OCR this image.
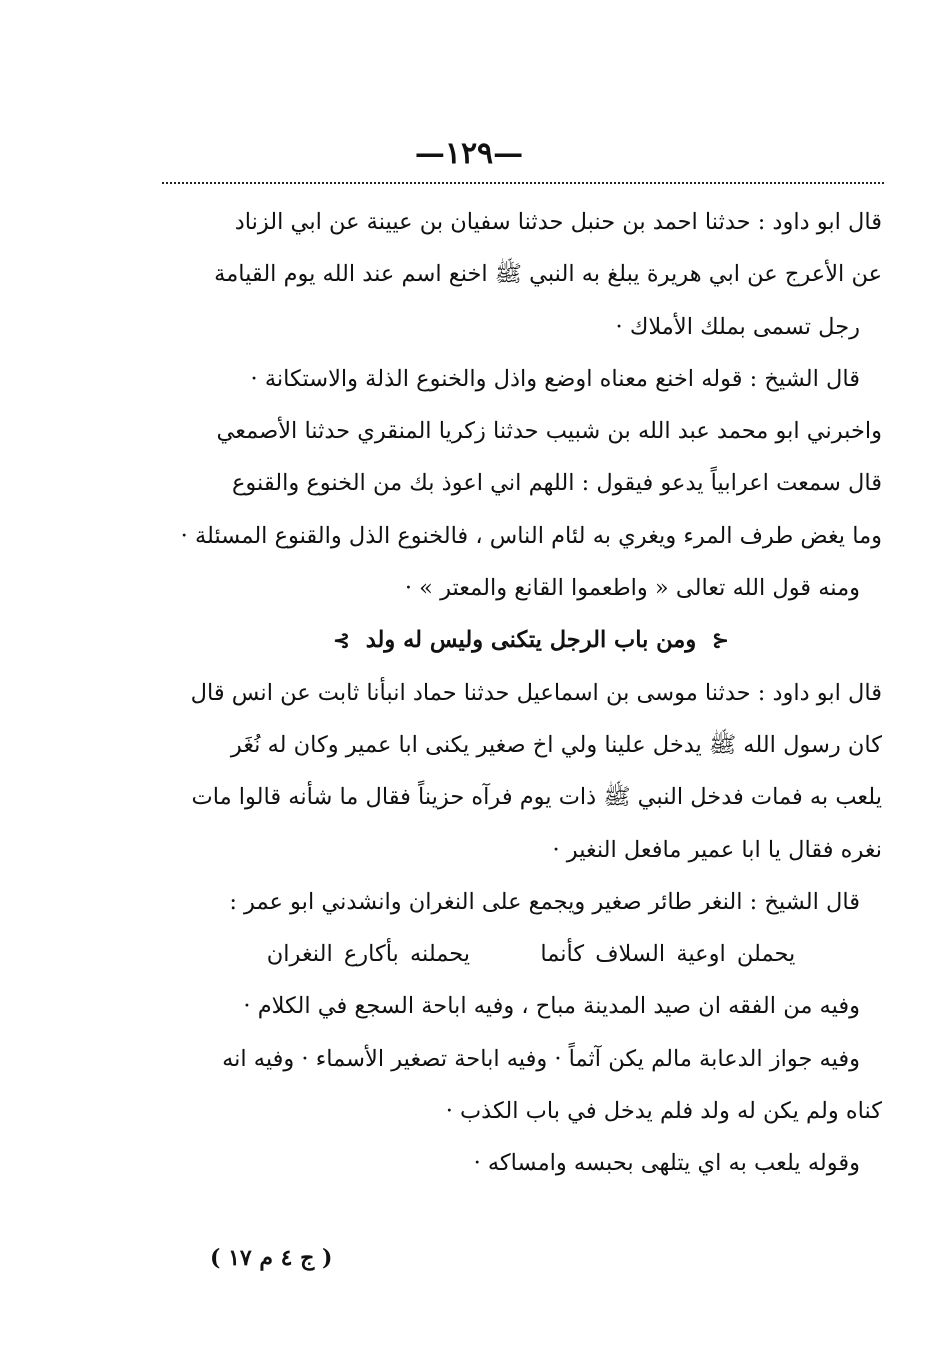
—١٢٩—
قال ابو داود : حدثنا احمد بن حنبل حدثنا سفيان بن عيينة عن ابي الزناد
عن الأعرج عن ابي هريرة يبلغ به النبي ﷺ اخنع اسم عند الله يوم القيامة
رجل تسمى بملك الأملاك ·
قال الشيخ : قوله اخنع معناه اوضع واذل والخنوع الذلة والاستكانة ·
واخبرني ابو محمد عبد الله بن شبيب حدثنا زكريا المنقري حدثنا الأصمعي
قال سمعت اعرابياً يدعو فيقول : اللهم اني اعوذ بك من الخنوع والقنوع
وما يغض طرف المرء ويغري به لئام الناس ، فالخنوع الذل والقنوع المسئلة ·
ومنه قول الله تعالى « واطعموا القانع والمعتر » ·
⊰ ومن باب الرجل يتكنى وليس له ولد ⊱
قال ابو داود : حدثنا موسى بن اسماعيل حدثنا حماد انبأنا ثابت عن انس قال
كان رسول الله ﷺ يدخل علينا ولي اخ صغير يكنى ابا عمير وكان له نُغَر
يلعب به فمات فدخل النبي ﷺ ذات يوم فرآه حزيناً فقال ما شأنه قالوا مات
نغره فقال يا ابا عمير مافعل النغير ·
قال الشيخ : النغر طائر صغير ويجمع على النغران وانشدني ابو عمر :
يحملن اوعية السلاف كأنما  يحملنه بأكارع النغران
وفيه من الفقه ان صيد المدينة مباح ، وفيه اباحة السجع في الكلام ·
وفيه جواز الدعابة مالم يكن آثماً · وفيه اباحة تصغير الأسماء · وفيه انه
كناه ولم يكن له ولد فلم يدخل في باب الكذب ·
وقوله يلعب به اي يتلهى بحبسه وامساكه ·
( ج ٤ م ١٧ )
